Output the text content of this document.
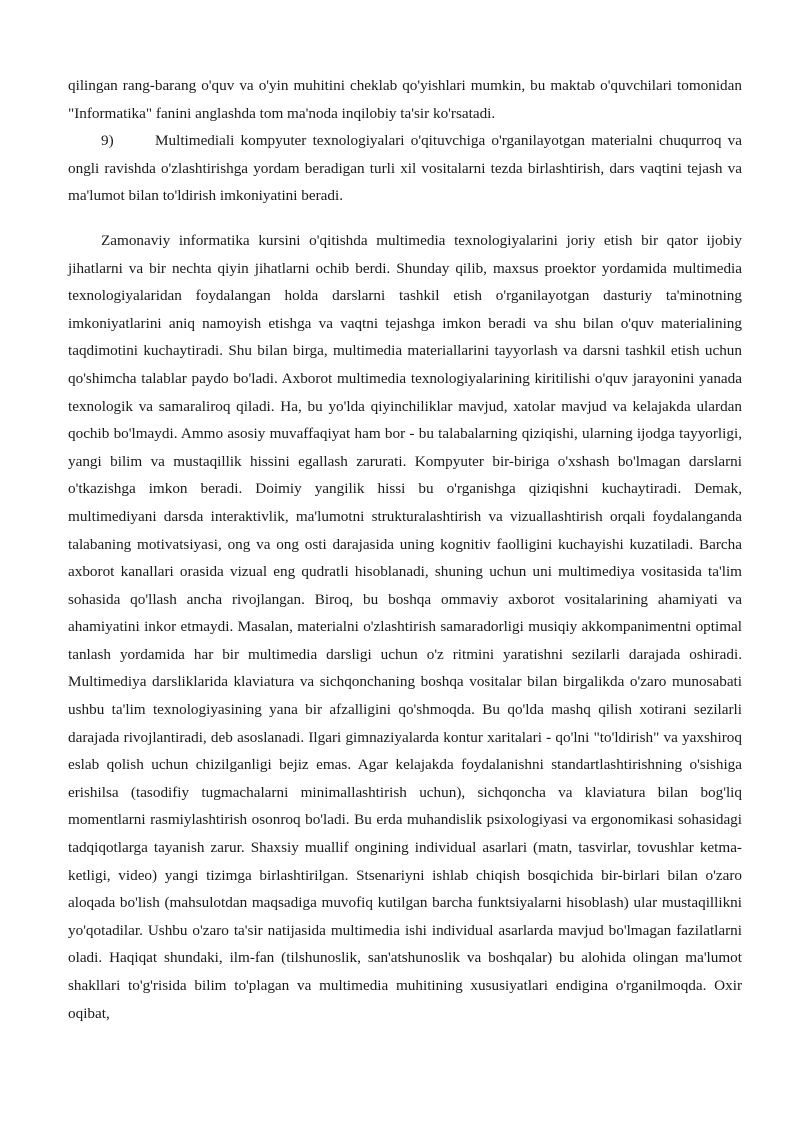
qilingan rang-barang o'quv va o'yin muhitini cheklab qo'yishlari mumkin, bu maktab o'quvchilari tomonidan "Informatika" fanini anglashda tom ma'noda inqilobiy ta'sir ko'rsatadi.

9)	Multimediali kompyuter texnologiyalari o'qituvchiga o'rganilayotgan materialni chuqurroq va ongli ravishda o'zlashtirishga yordam beradigan turli xil vositalarni tezda birlashtirish, dars vaqtini tejash va ma'lumot bilan to'ldirish imkoniyatini beradi.

Zamonaviy informatika kursini o'qitishda multimedia texnologiyalarini joriy etish bir qator ijobiy jihatlarni va bir nechta qiyin jihatlarni ochib berdi. Shunday qilib, maxsus proektor yordamida multimedia texnologiyalaridan foydalangan holda darslarni tashkil etish o'rganilayotgan dasturiy ta'minotning imkoniyatlarini aniq namoyish etishga va vaqtni tejashga imkon beradi va shu bilan o'quv materialining taqdimotini kuchaytiradi. Shu bilan birga, multimedia materiallarini tayyorlash va darsni tashkil etish uchun qo'shimcha talablar paydo bo'ladi. Axborot multimedia texnologiyalarining kiritilishi o'quv jarayonini yanada texnologik va samaraliroq qiladi. Ha, bu yo'lda qiyinchiliklar mavjud, xatolar mavjud va kelajakda ulardan qochib bo'lmaydi. Ammo asosiy muvaffaqiyat ham bor - bu talabalarning qiziqishi, ularning ijodga tayyorligi, yangi bilim va mustaqillik hissini egallash zarurati. Kompyuter bir-biriga o'xshash bo'lmagan darslarni o'tkazishga imkon beradi. Doimiy yangilik hissi bu o'rganishga qiziqishni kuchaytiradi. Demak, multimediyani darsda interaktivlik, ma'lumotni strukturalashtirish va vizuallashtirish orqali foydalanganda talabaning motivatsiyasi, ong va ong osti darajasida uning kognitiv faolligini kuchayishi kuzatiladi. Barcha axborot kanallari orasida vizual eng qudratli hisoblanadi, shuning uchun uni multimediya vositasida ta'lim sohasida qo'llash ancha rivojlangan. Biroq, bu boshqa ommaviy axborot vositalarining ahamiyati va ahamiyatini inkor etmaydi. Masalan, materialni o'zlashtirish samaradorligi musiqiy akkompanimentni optimal tanlash yordamida har bir multimedia darsligi uchun o'z ritmini yaratishni sezilarli darajada oshiradi. Multimediya darsliklarida klaviatura va sichqonchaning boshqa vositalar bilan birgalikda o'zaro munosabati ushbu ta'lim texnologiyasining yana bir afzalligini qo'shmoqda. Bu qo'lda mashq qilish xotirani sezilarli darajada rivojlantiradi, deb asoslanadi. Ilgari gimnaziyalarda kontur xaritalari - qo'lni "to'ldirish" va yaxshiroq eslab qolish uchun chizilganligi bejiz emas. Agar kelajakda foydalanishni standartlashtirishning o'sishiga erishilsa (tasodifiy tugmachalarni minimallashtirish uchun), sichqoncha va klaviatura bilan bog'liq momentlarni rasmiylashtirish osonroq bo'ladi. Bu erda muhandislik psixologiyasi va ergonomikasi sohasidagi tadqiqotlarga tayanish zarur. Shaxsiy muallif ongining individual asarlari (matn, tasvirlar, tovushlar ketma-ketligi, video) yangi tizimga birlashtirilgan. Stsenariyni ishlab chiqish bosqichida bir-birlari bilan o'zaro aloqada bo'lish (mahsulotdan maqsadiga muvofiq kutilgan barcha funktsiyalarni hisoblash) ular mustaqillikni yo'qotadilar. Ushbu o'zaro ta'sir natijasida multimedia ishi individual asarlarda mavjud bo'lmagan fazilatlarni oladi. Haqiqat shundaki, ilm-fan (tilshunoslik, san'atshunoslik va boshqalar) bu alohida olingan ma'lumot shakllari to'g'risida bilim to'plagan va multimedia muhitining xususiyatlari endigina o'rganilmoqda. Oxir oqibat,
